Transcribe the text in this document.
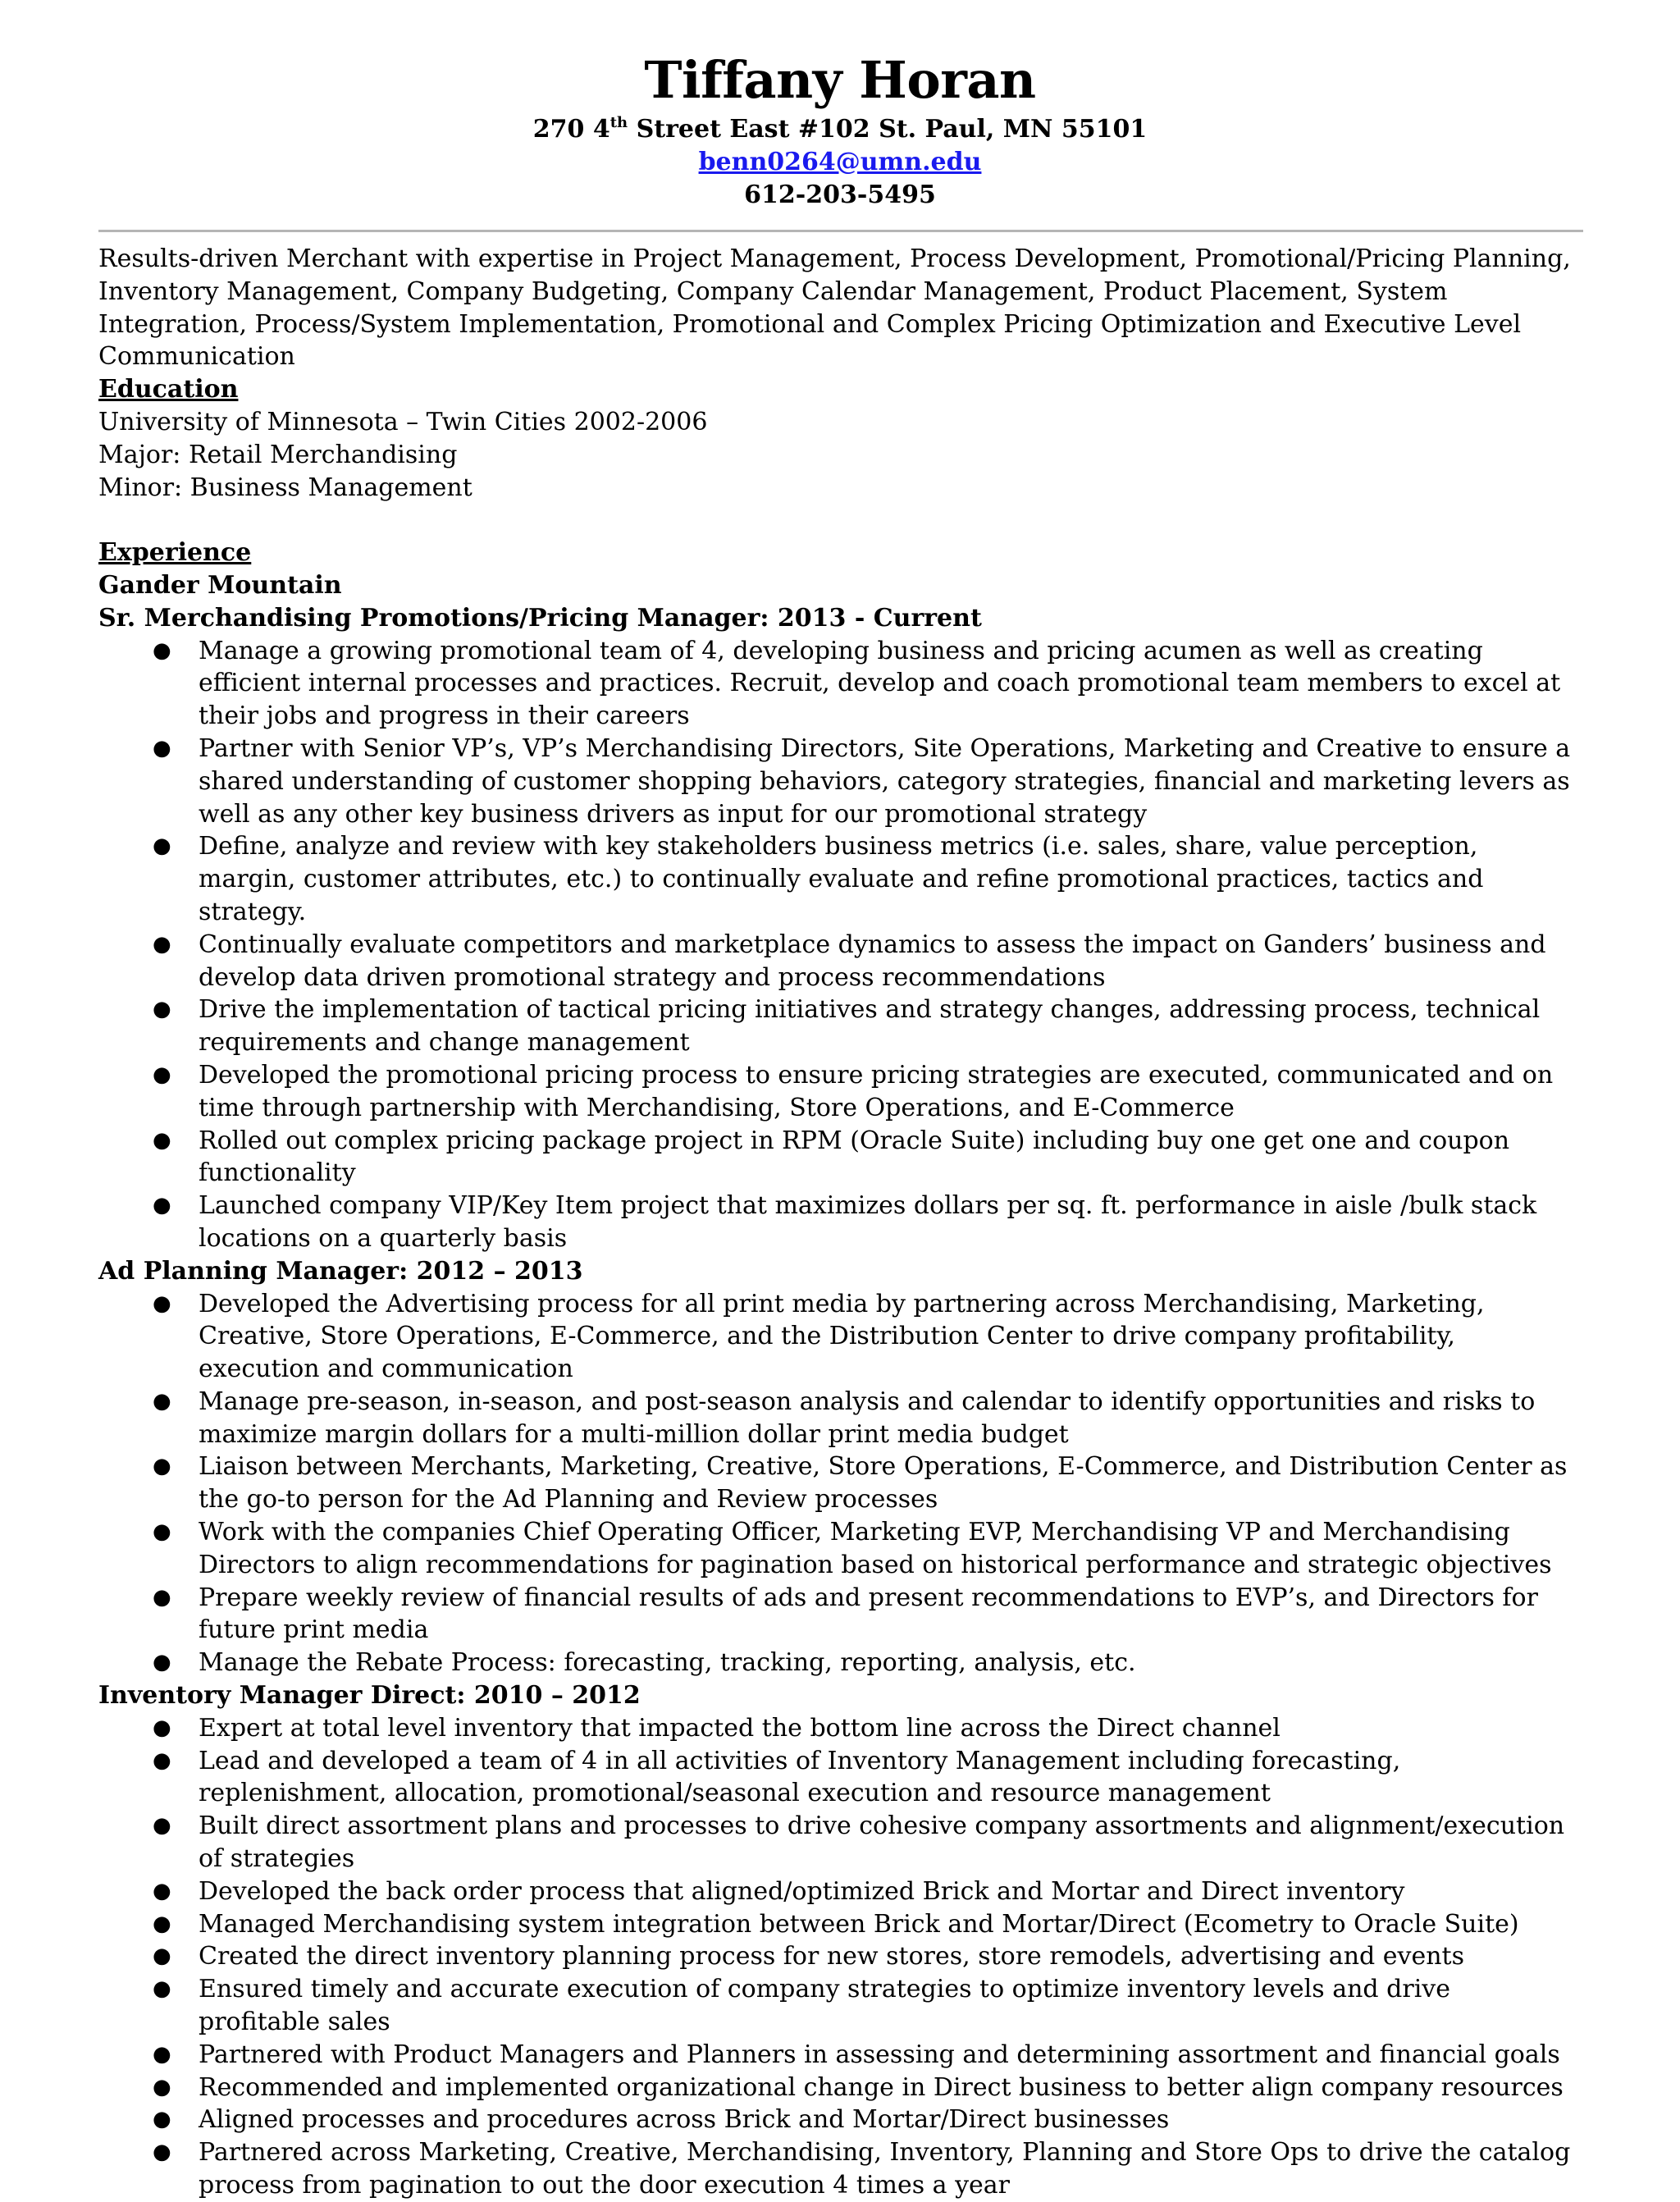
Tiffany Horan
270 4th Street East #102 St. Paul, MN 55101
benn0264@umn.edu
612-203-5495

Results-driven Merchant with expertise in Project Management, Process Development, Promotional/Pricing Planning, Inventory Management, Company Budgeting, Company Calendar Management, Product Placement, System Integration, Process/System Implementation, Promotional and Complex Pricing Optimization and Executive Level Communication

Education

University of Minnesota – Twin Cities 2002-2006

Major: Retail Merchandising

Minor: Business Management

Experience

Gander Mountain

Sr. Merchandising Promotions/Pricing Manager: 2013 - Current

● Manage a growing promotional team of 4, developing business and pricing acumen as well as creating efficient internal processes and practices. Recruit, develop and coach promotional team members to excel at their jobs and progress in their careers
● Partner with Senior VP’s, VP’s Merchandising Directors, Site Operations, Marketing and Creative to ensure a shared understanding of customer shopping behaviors, category strategies, financial and marketing levers as well as any other key business drivers as input for our promotional strategy
● Define, analyze and review with key stakeholders business metrics (i.e. sales, share, value perception, margin, customer attributes, etc.) to continually evaluate and refine promotional practices, tactics and strategy.
● Continually evaluate competitors and marketplace dynamics to assess the impact on Ganders’ business and develop data driven promotional strategy and process recommendations
● Drive the implementation of tactical pricing initiatives and strategy changes, addressing process, technical requirements and change management
● Developed the promotional pricing process to ensure pricing strategies are executed, communicated and on time through partnership with Merchandising, Store Operations, and E-Commerce
● Rolled out complex pricing package project in RPM (Oracle Suite) including buy one get one and coupon functionality
● Launched company VIP/Key Item project that maximizes dollars per sq. ft. performance in aisle /bulk stack locations on a quarterly basis

Ad Planning Manager: 2012 – 2013

● Developed the Advertising process for all print media by partnering across Merchandising, Marketing, Creative, Store Operations, E-Commerce, and the Distribution Center to drive company profitability, execution and communication
● Manage pre-season, in-season, and post-season analysis and calendar to identify opportunities and risks to maximize margin dollars for a multi-million dollar print media budget
● Liaison between Merchants, Marketing, Creative, Store Operations, E-Commerce, and Distribution Center as the go-to person for the Ad Planning and Review processes
● Work with the companies Chief Operating Officer, Marketing EVP, Merchandising VP and Merchandising Directors to align recommendations for pagination based on historical performance and strategic objectives
● Prepare weekly review of financial results of ads and present recommendations to EVP’s, and Directors for future print media
● Manage the Rebate Process: forecasting, tracking, reporting, analysis, etc.

Inventory Manager Direct: 2010 – 2012

● Expert at total level inventory that impacted the bottom line across the Direct channel
● Lead and developed a team of 4 in all activities of Inventory Management including forecasting, replenishment, allocation, promotional/seasonal execution and resource management
● Built direct assortment plans and processes to drive cohesive company assortments and alignment/execution of strategies
● Developed the back order process that aligned/optimized Brick and Mortar and Direct inventory
● Managed Merchandising system integration between Brick and Mortar/Direct (Ecometry to Oracle Suite)
● Created the direct inventory planning process for new stores, store remodels, advertising and events
● Ensured timely and accurate execution of company strategies to optimize inventory levels and drive profitable sales
● Partnered with Product Managers and Planners in assessing and determining assortment and financial goals
● Recommended and implemented organizational change in Direct business to better align company resources
● Aligned processes and procedures across Brick and Mortar/Direct businesses
● Partnered across Marketing, Creative, Merchandising, Inventory, Planning and Store Ops to drive the catalog process from pagination to out the door execution 4 times a year
